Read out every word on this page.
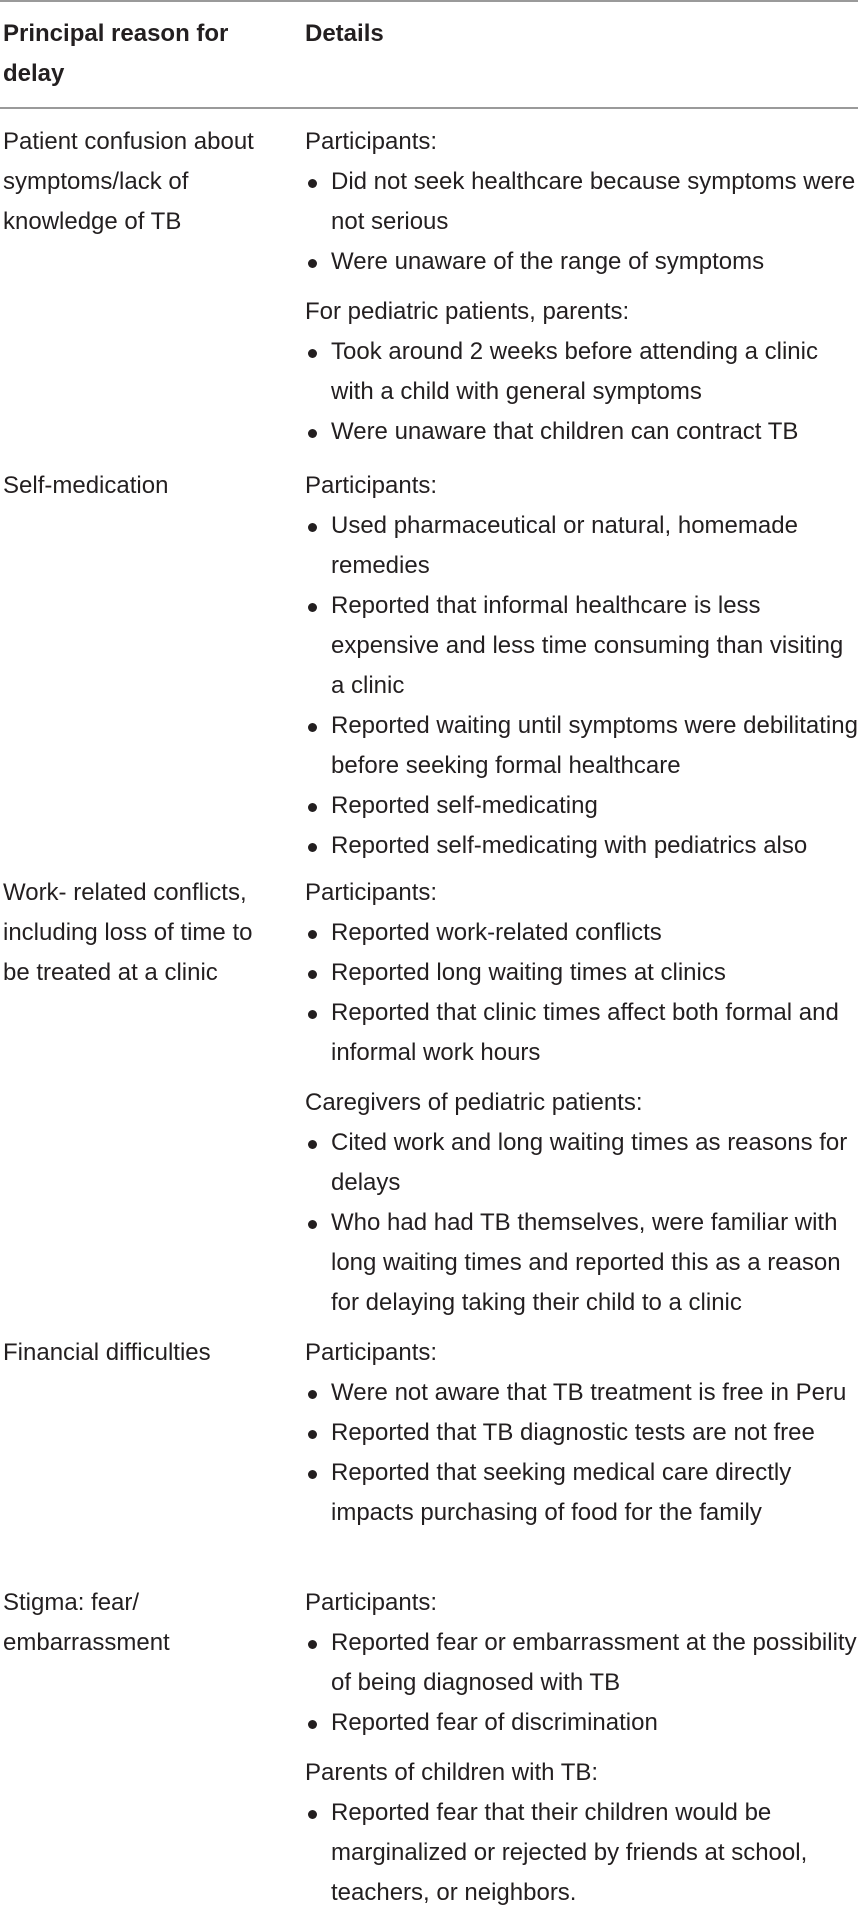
Principal reason for delay
Details
Patient confusion about symptoms/lack of knowledge of TB

Participants:

Did not seek healthcare because symptoms were not serious
Were unaware of the range of symptoms

For pediatric patients, parents:

Took around 2 weeks before attending a clinic with a child with general symptoms
Were unaware that children can contract TB
Self-medication	Participants:

Used pharmaceutical or natural, homemade remedies
Reported that informal healthcare is less expensive and less time consuming than visiting a clinic
Reported waiting until symptoms were debilitating before seeking formal healthcare
Reported self-medicating
Reported self-medicating with pediatrics also
Work- related conflicts, including loss of time to be treated at a clinic

Participants:

Reported work-related conflicts
Reported long waiting times at clinics
Reported that clinic times affect both formal and informal work hours

Caregivers of pediatric patients:

Cited work and long waiting times as reasons for delays
Who had had TB themselves, were familiar with long waiting times and reported this as a reason for delaying taking their child to a clinic
Financial difficulties	Participants:

Were not aware that TB treatment is free in Peru
Reported that TB diagnostic tests are not free
Reported that seeking medical care directly impacts purchasing of food for the family
Stigma: fear/ embarrassment

Participants:

Reported fear or embarrassment at the possibility of being diagnosed with TB
Reported fear of discrimination

Parents of children with TB:

Reported fear that their children would be marginalized or rejected by friends at school, teachers, or neighbors.
